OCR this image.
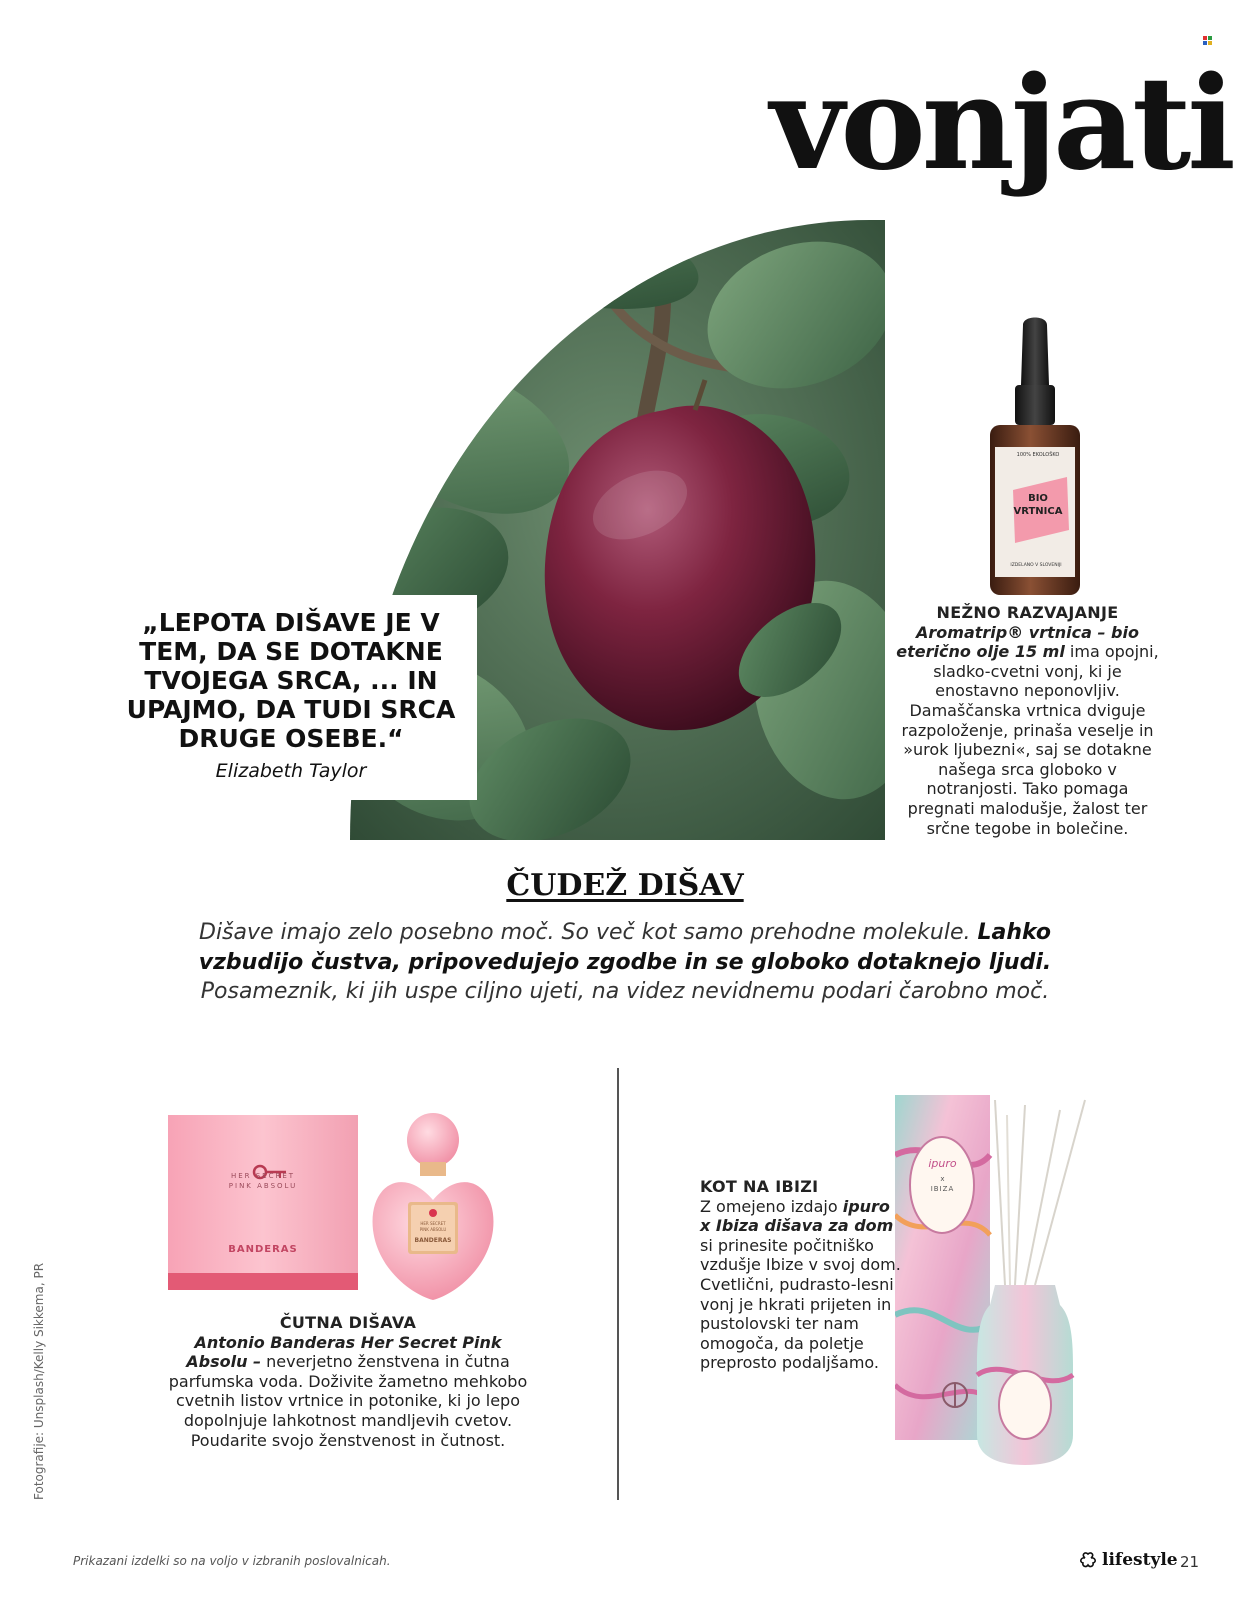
vonjati

„LEPOTA DIŠAVE JE V TEM, DA SE DOTAKNE TVOJEGA SRCA, ... IN UPAJMO, DA TUDI SRCA DRUGE OSEBE.“

Elizabeth Taylor
100% EKOLOŠKO
BIO
VRTNICA
IZDELANO V SLOVENIJI

NEŽNO RAZVAJANJE
Aromatrip® vrtnica – bio eterično olje 15 ml ima opojni, sladko-cvetni vonj, ki je enostavno neponovljiv. Damaščanska vrtnica dviguje razpoloženje, prinaša veselje in »urok ljubezni«, saj se dotakne našega srca globoko v notranjosti. Tako pomaga pregnati malodušje, žalost ter srčne tegobe in bolečine.

ČUDEŽ DIŠAV

Dišave imajo zelo posebno moč. So več kot samo prehodne molekule. Lahko vzbudijo čustva, pripovedujejo zgodbe in se globoko dotaknejo ljudi. Posameznik, ki jih uspe ciljno ujeti, na videz nevidnemu podari čarobno moč.

HER SECRET
PINK ABSOLU
BANDERAS
HER SECRET
PINK ABSOLU
BANDERAS

ČUTNA DIŠAVA
Antonio Banderas Her Secret Pink Absolu – neverjetno ženstvena in čutna parfumska voda. Doživite žametno mehkobo cvetnih listov vrtnice in potonike, ki jo lepo dopolnjuje lahkotnost mandljevih cvetov. Poudarite svojo ženstvenost in čutnost.

ipuro
x
IBIZA

KOT NA IBIZI
Z omejeno izdajo ipuro x Ibiza dišava za dom si prinesite počitniško vzdušje Ibize v svoj dom. Cvetlični, pudrasto-lesni vonj je hkrati prijeten in pustolovski ter nam omogoča, da poletje preprosto podaljšamo.

Fotografije: Unsplash/Kelly Sikkema, PR
Prikazani izdelki so na voljo v izbranih poslovalnicah.	lifestyle 21
